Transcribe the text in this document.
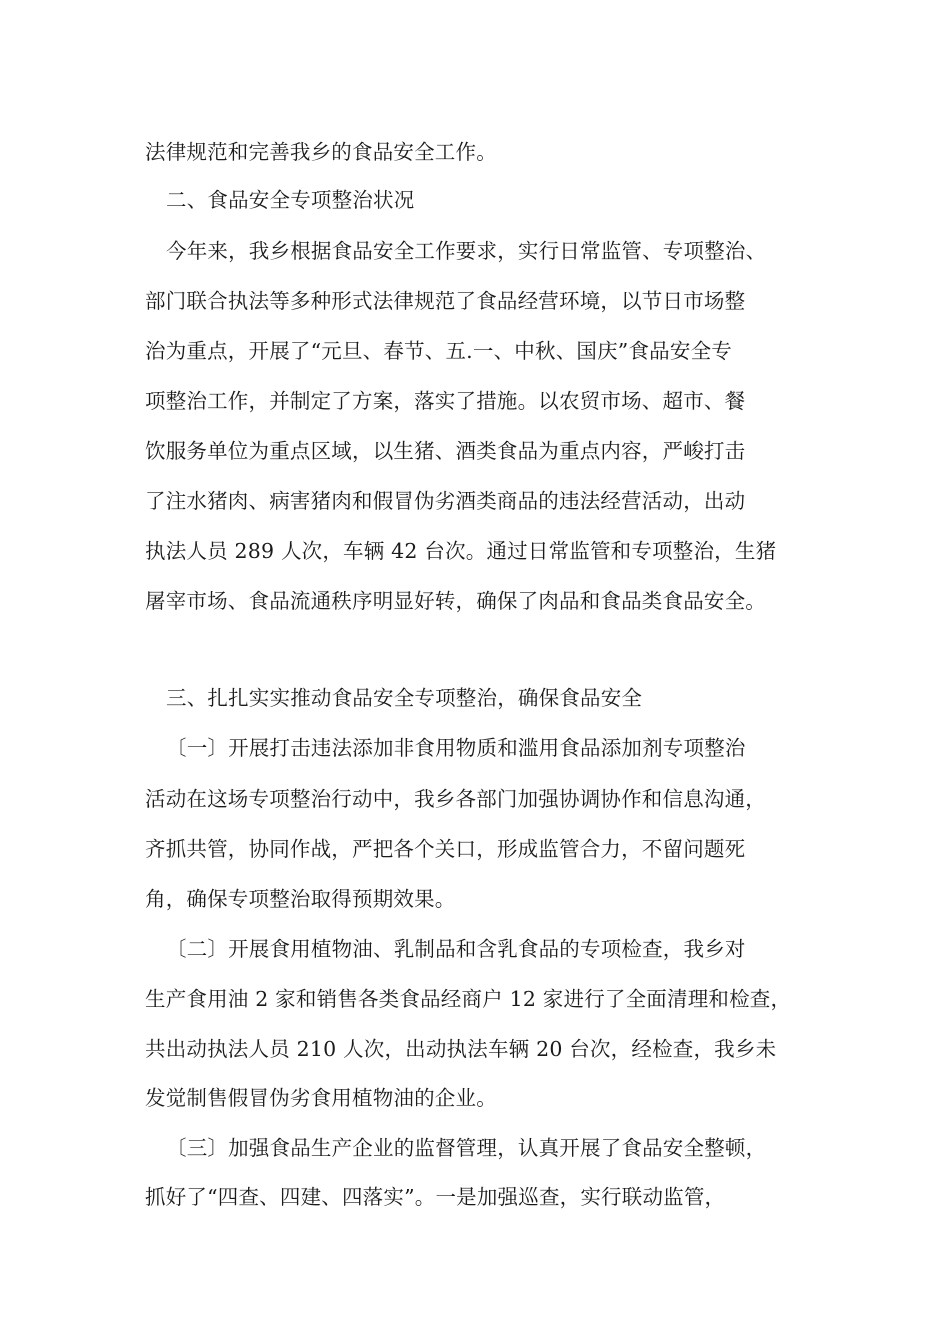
法律规范和完善我乡的食品安全工作。
二、食品安全专项整治状况
今年来，我乡根据食品安全工作要求，实行日常监管、专项整治、
部门联合执法等多种形式法律规范了食品经营环境，以节日市场整
治为重点，开展了“元旦、春节、五.一、中秋、国庆”食品安全专
项整治工作，并制定了方案，落实了措施。以农贸市场、超市、餐
饮服务单位为重点区域，以生猪、酒类食品为重点内容，严峻打击
了注水猪肉、病害猪肉和假冒伪劣酒类商品的违法经营活动，出动
执法人员 289 人次，车辆 42 台次。通过日常监管和专项整治，生猪
屠宰市场、食品流通秩序明显好转，确保了肉品和食品类食品安全。
三、扎扎实实推动食品安全专项整治，确保食品安全
〔一〕开展打击违法添加非食用物质和滥用食品添加剂专项整治
活动在这场专项整治行动中，我乡各部门加强协调协作和信息沟通，
齐抓共管，协同作战，严把各个关口，形成监管合力，不留问题死
角，确保专项整治取得预期效果。
〔二〕开展食用植物油、乳制品和含乳食品的专项检查，我乡对
生产食用油 2 家和销售各类食品经商户 12 家进行了全面清理和检查，
共出动执法人员 210 人次，出动执法车辆 20 台次，经检查，我乡未
发觉制售假冒伪劣食用植物油的企业。
〔三〕加强食品生产企业的监督管理，认真开展了食品安全整顿，
抓好了“四查、四建、四落实”。一是加强巡查，实行联动监管，
